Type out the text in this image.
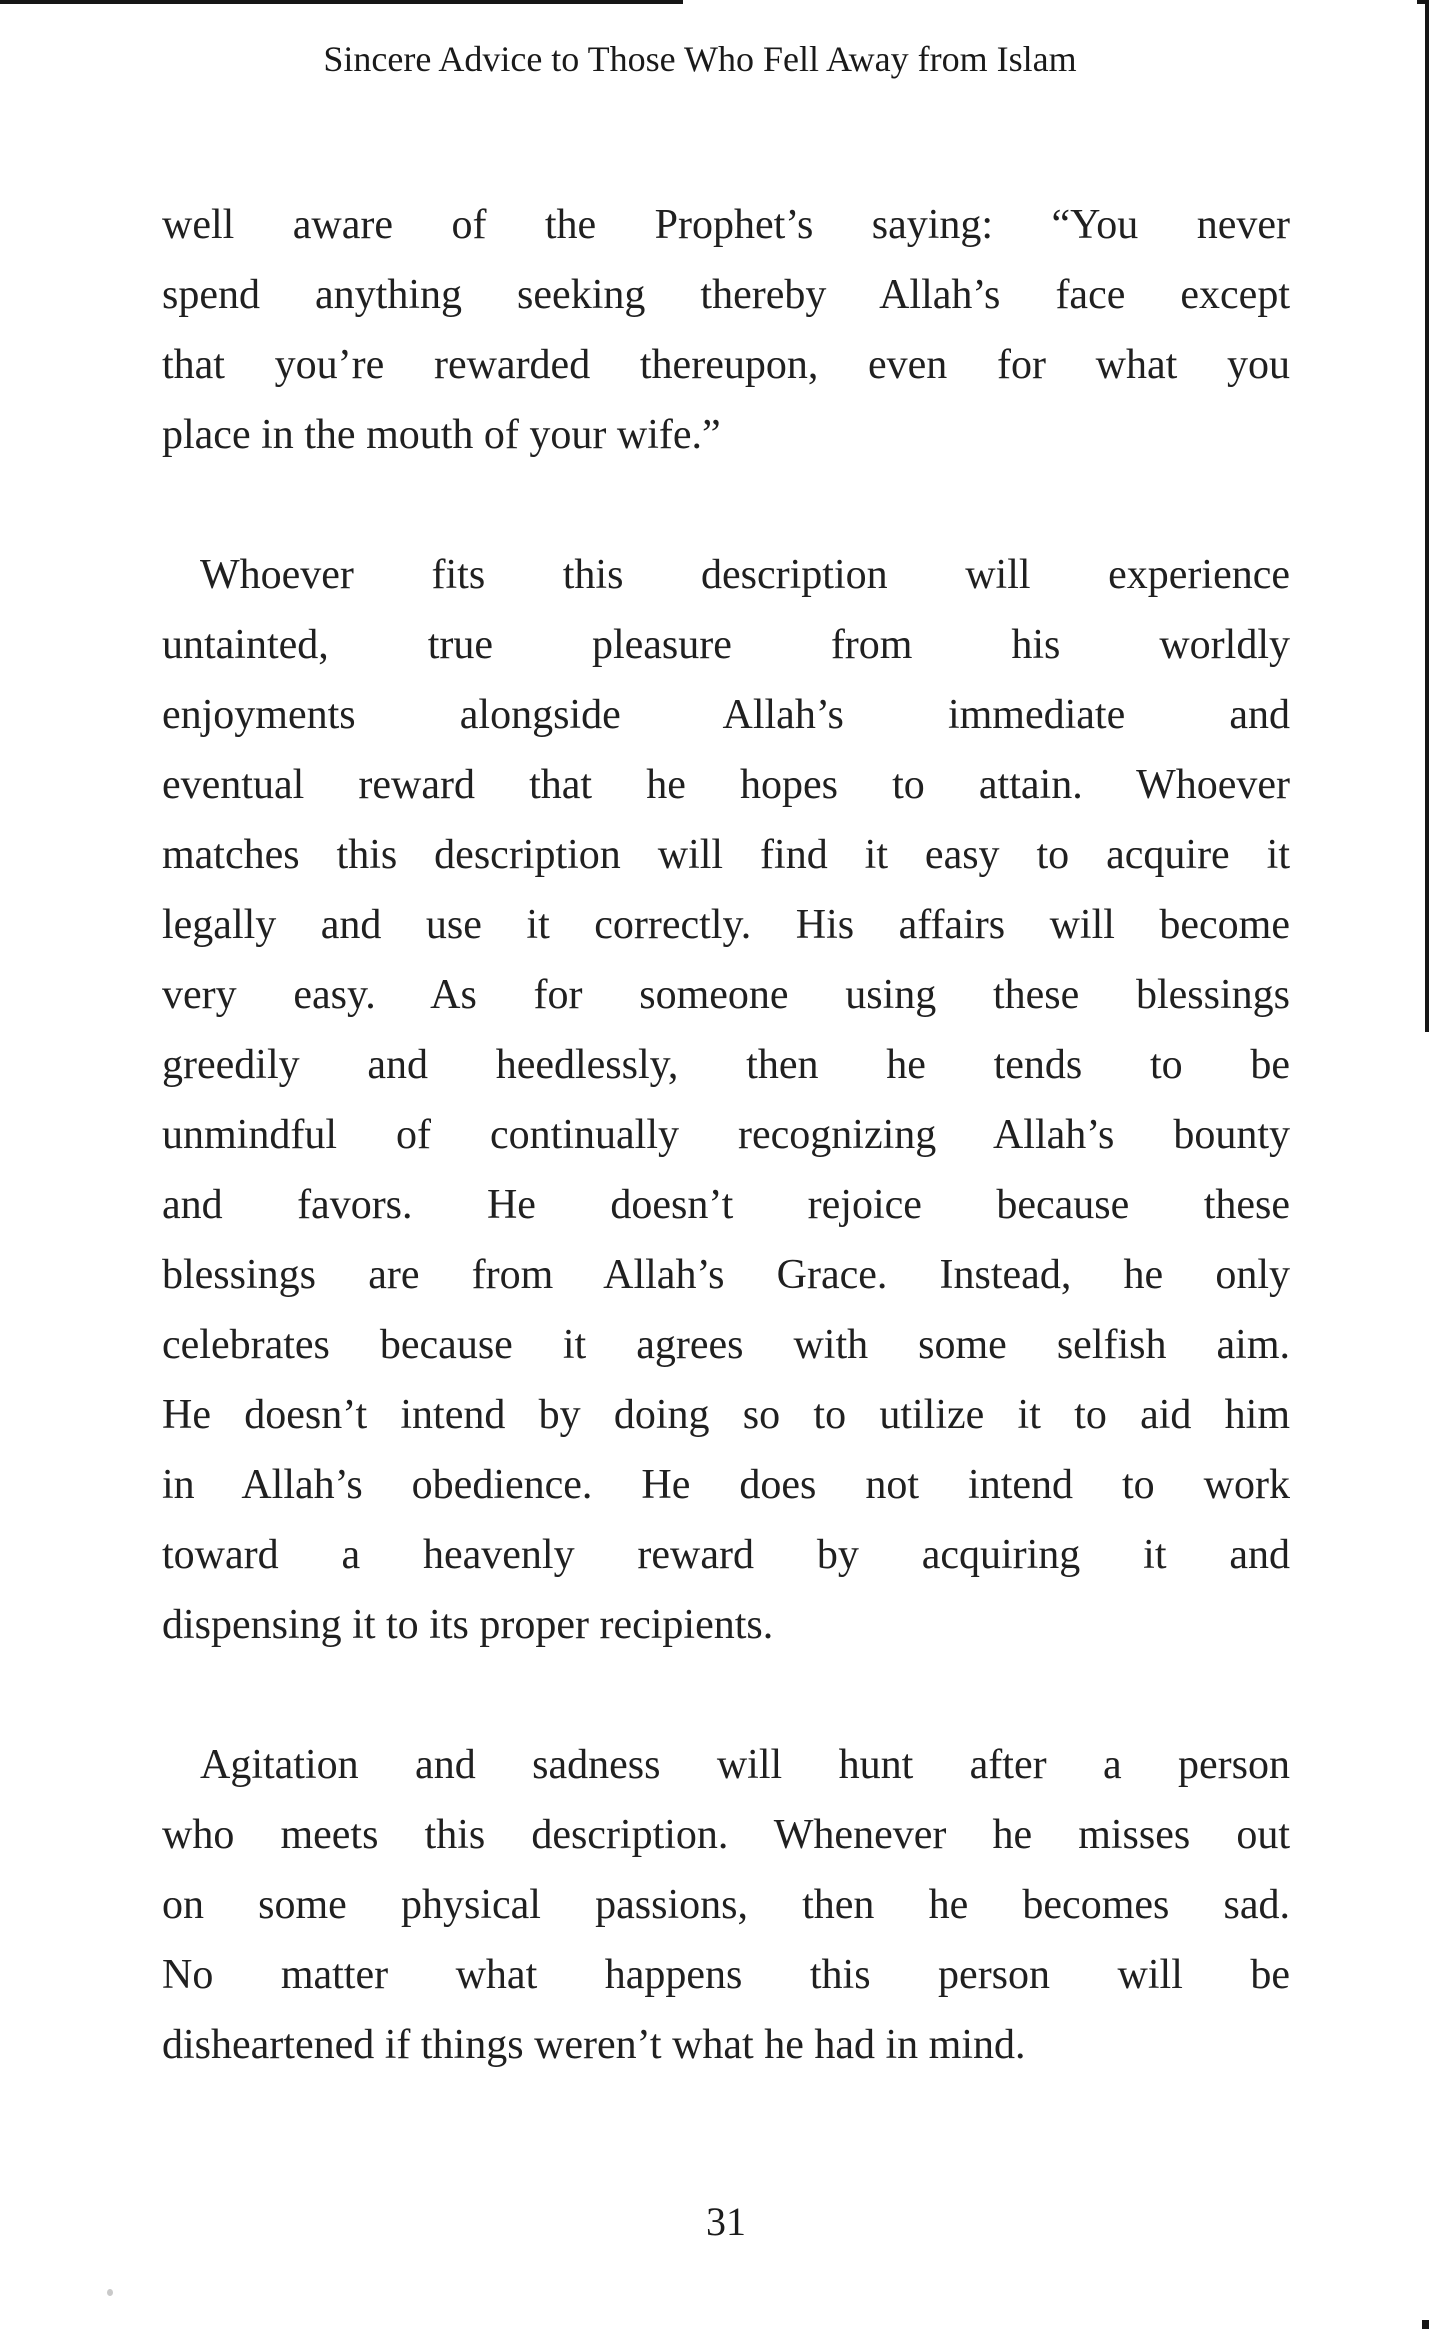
Sincere Advice to Those Who Fell Away from Islam

well aware of the Prophet’s saying: “You never
spend anything seeking thereby Allah’s face except
that you’re rewarded thereupon, even for what you
place in the mouth of your wife.”

Whoever fits this description will experience
untainted, true pleasure from his worldly
enjoyments alongside Allah’s immediate and
eventual reward that he hopes to attain. Whoever
matches this description will find it easy to acquire it
legally and use it correctly. His affairs will become
very easy. As for someone using these blessings
greedily and heedlessly, then he tends to be
unmindful of continually recognizing Allah’s bounty
and favors. He doesn’t rejoice because these
blessings are from Allah’s Grace. Instead, he only
celebrates because it agrees with some selfish aim.
He doesn’t intend by doing so to utilize it to aid him
in Allah’s obedience. He does not intend to work
toward a heavenly reward by acquiring it and
dispensing it to its proper recipients.

Agitation and sadness will hunt after a person
who meets this description. Whenever he misses out
on some physical passions, then he becomes sad.
No matter what happens this person will be
disheartened if things weren’t what he had in mind.

31
